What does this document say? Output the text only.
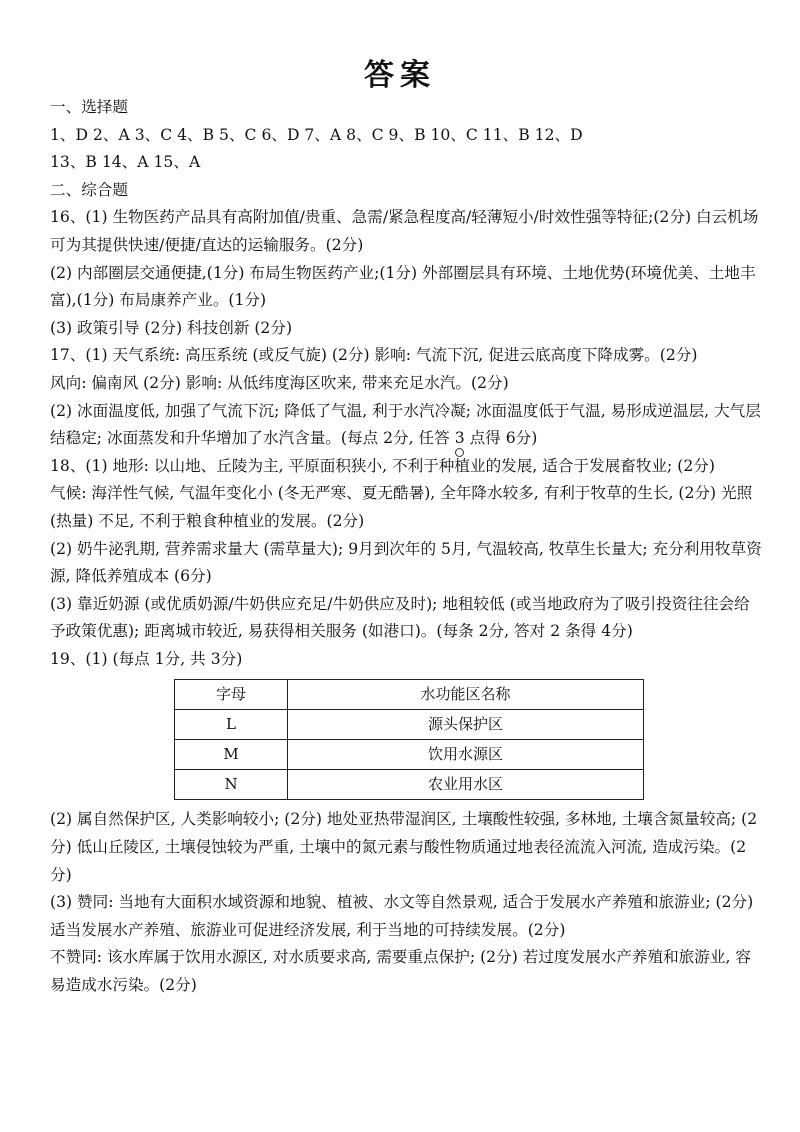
答案

一、选择题

1、D 2、A 3、C 4、B 5、C 6、D 7、A 8、C 9、B 10、C 11、B 12、D

13、B 14、A 15、A

二、综合题

16、(1) 生物医药产品具有高附加值/贵重、急需/紧急程度高/轻薄短小/时效性强等特征;(2分) 白云机场可为其提供快速/便捷/直达的运输服务。(2分)

(2) 内部圈层交通便捷,(1分) 布局生物医药产业;(1分) 外部圈层具有环境、土地优势(环境优美、土地丰富),(1分) 布局康养产业。(1分)

(3) 政策引导 (2分) 科技创新 (2分)

17、(1) 天气系统: 高压系统 (或反气旋) (2分) 影响: 气流下沉, 促进云底高度下降成雾。(2分)

风向: 偏南风 (2分) 影响: 从低纬度海区吹来, 带来充足水汽。(2分)

(2) 冰面温度低, 加强了气流下沉; 降低了气温, 利于水汽冷凝; 冰面温度低于气温, 易形成逆温层, 大气层结稳定; 冰面蒸发和升华增加了水汽含量。(每点 2分, 任答 3 点得 6分)

18、(1) 地形: 以山地、丘陵为主, 平原面积狭小, 不利于种植业的发展, 适合于发展畜牧业; (2分)

气候: 海洋性气候, 气温年变化小 (冬无严寒、夏无酷暑), 全年降水较多, 有利于牧草的生长, (2分) 光照 (热量) 不足, 不利于粮食种植业的发展。(2分)

(2) 奶牛泌乳期, 营养需求量大 (需草量大); 9月到次年的 5月, 气温较高, 牧草生长量大; 充分利用牧草资源, 降低养殖成本 (6分)

(3) 靠近奶源 (或优质奶源/牛奶供应充足/牛奶供应及时); 地租较低 (或当地政府为了吸引投资往往会给予政策优惠); 距离城市较近, 易获得相关服务 (如港口)。(每条 2分, 答对 2 条得 4分)

19、(1) (每点 1分, 共 3分)

字母	水功能区名称
L	源头保护区
M	饮用水源区
N	农业用水区

(2) 属自然保护区, 人类影响较小; (2分) 地处亚热带湿润区, 土壤酸性较强, 多林地, 土壤含氮量较高; (2分) 低山丘陵区, 土壤侵蚀较为严重, 土壤中的氮元素与酸性物质通过地表径流流入河流, 造成污染。(2分)

(3) 赞同: 当地有大面积水域资源和地貌、植被、水文等自然景观, 适合于发展水产养殖和旅游业; (2分) 适当发展水产养殖、旅游业可促进经济发展, 利于当地的可持续发展。(2分)

不赞同: 该水库属于饮用水源区, 对水质要求高, 需要重点保护; (2分) 若过度发展水产养殖和旅游业, 容易造成水污染。(2分)
